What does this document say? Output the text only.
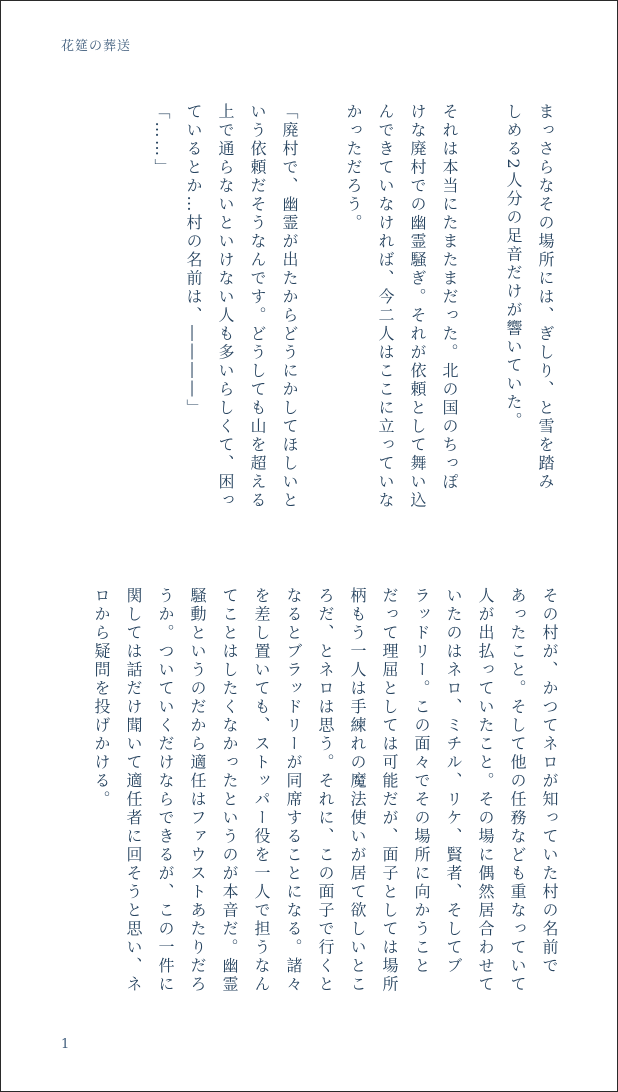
花筵の葬送

まっさらなその場所には、ぎしり、と雪を踏み
しめる2人分の足音だけが響いていた。

それは本当にたまたまだった。北の国のちっぽ
けな廃村での幽霊騒ぎ。それが依頼として舞い込
んできていなければ、今二人はここに立っていな
かっただろう。

「廃村で、幽霊が出たからどうにかしてほしいと
いう依頼だそうなんです。どうしても山を超える
上で通らないといけない人も多いらしくて、困っ
ているとか…村の名前は、――――」

「……」

その村が、かつてネロが知っていた村の名前で
あったこと。そして他の任務なども重なっていて
人が出払っていたこと。その場に偶然居合わせて
いたのはネロ、ミチル、リケ、賢者、そしてブ
ラッドリー。この面々でその場所に向かうこと
だって理屈としては可能だが、面子としては場所
柄もう一人は手練れの魔法使いが居て欲しいとこ
ろだ、とネロは思う。それに、この面子で行くと
なるとブラッドリーが同席することになる。諸々
を差し置いても、ストッパー役を一人で担うなん
てことはしたくなかったというのが本音だ。幽霊
騒動というのだから適任はファウストあたりだろ
うか。ついていくだけならできるが、この一件に
関しては話だけ聞いて適任者に回そうと思い、ネ
ロから疑問を投げかける。

1
